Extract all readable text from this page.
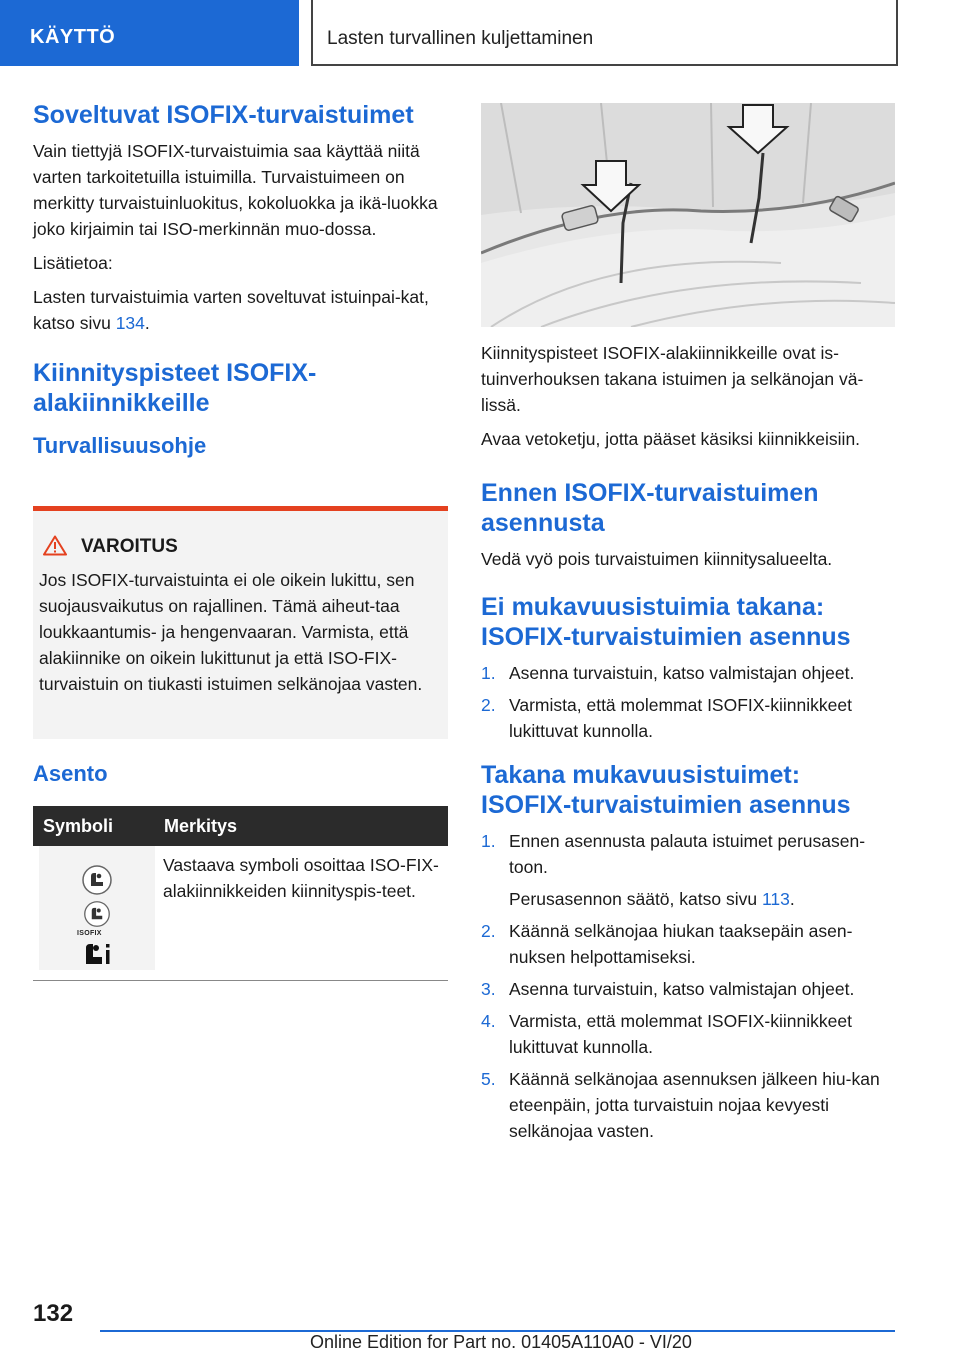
KÄYTTÖ	Lasten turvallinen kuljettaminen
Soveltuvat ISOFIX-turvaistuimet

Vain tiettyjä ISOFIX-turvaistuimia saa käyttää niitä varten tarkoitetuilla istuimilla. Turvaistuimeen on merkitty turvaistuinluokitus, kokoluokka ja ikä-luokka joko kirjaimin tai ISO-merkinnän muo-dossa.

Lisätietoa:

Lasten turvaistuimia varten soveltuvat istuinpai-kat, katso sivu 134.

Kiinnityspisteet ISOFIX-
alakiinnikkeille
Turvallisuusohje
VAROITUS
Jos ISOFIX-turvaistuinta ei ole oikein lukittu, sen suojausvaikutus on rajallinen. Tämä aiheut-taa loukkaantumis- ja hengenvaaran. Varmista, että alakiinnike on oikein lukittunut ja että ISO-FIX-turvaistuin on tiukasti istuimen selkänojaa vasten.
Asento
Symboli	Merkitys
ISOFIX
Vastaava symboli osoittaa ISO-FIX-alakiinnikkeiden kiinnityspis-teet.

Kiinnityspisteet ISOFIX-alakiinnikkeille ovat is-tuinverhouksen takana istuimen ja selkänojan vä-lissä.

Avaa vetoketju, jotta pääset käsiksi kiinnikkeisiin.

Ennen ISOFIX-turvaistuimen
asennusta

Vedä vyö pois turvaistuimen kiinnitysalueelta.

Ei mukavuusistuimia takana:
ISOFIX-turvaistuimien asennus
1. Asenna turvaistuin, katso valmistajan ohjeet.
2. Varmista, että molemmat ISOFIX-kiinnikkeet lukittuvat kunnolla.
Takana mukavuusistuimet:
ISOFIX-turvaistuimien asennus
1. Ennen asennusta palauta istuimet perusasen-toon.
Perusasennon säätö, katso sivu 113.
2. Käännä selkänojaa hiukan taaksepäin asen-nuksen helpottamiseksi.
3. Asenna turvaistuin, katso valmistajan ohjeet.
4. Varmista, että molemmat ISOFIX-kiinnikkeet lukittuvat kunnolla.
5. Käännä selkänojaa asennuksen jälkeen hiu-kan eteenpäin, jotta turvaistuin nojaa kevyesti selkänojaa vasten.
132
Online Edition for Part no. 01405A110A0 - VI/20
